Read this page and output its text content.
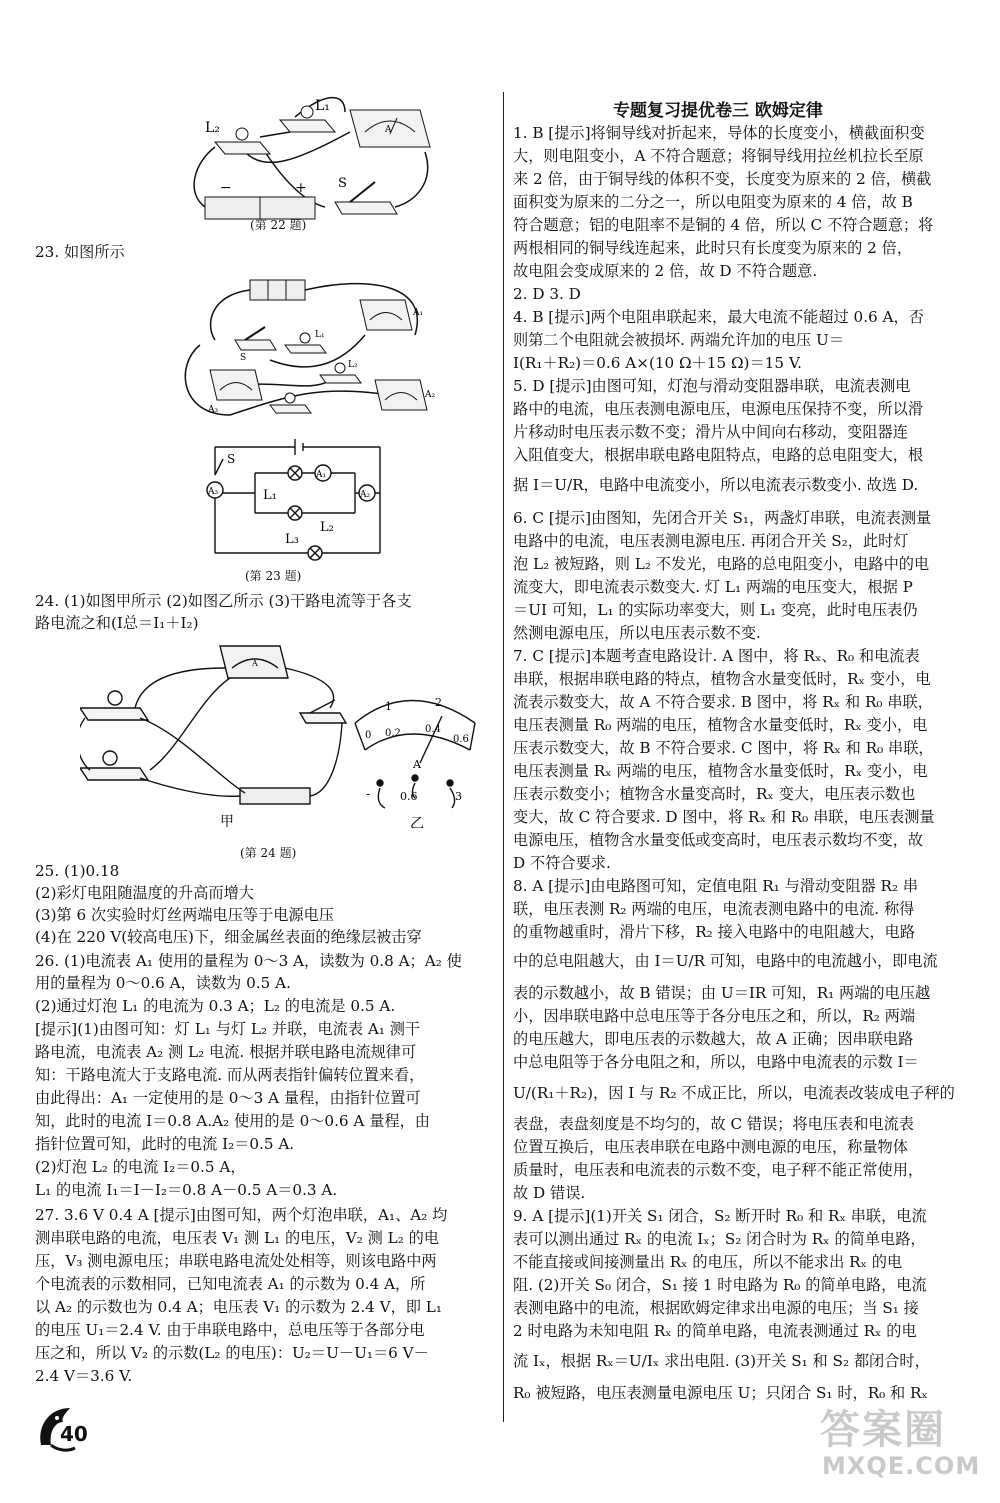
L₁
L₂
S
−	+
A
(第 22 题)
23. 如图所示
A₁
A₂
A₃
L₁
L₂
S
A₁
A₃	A₂
S
L₁
L₂
L₃
(第 23 题)
24. (1)如图甲所示 (2)如图乙所示 (3)干路电流等于各支
路电流之和(I总＝I₁＋I₂)
甲	乙
1	2
0 0.2 0.4
0.6
A
-	0.6	3
A
(第 24 题)
25. (1)0.18
(2)彩灯电阻随温度的升高而增大
(3)第 6 次实验时灯丝两端电压等于电源电压
(4)在 220 V(较高电压)下，细金属丝表面的绝缘层被击穿
26. (1)电流表 A₁ 使用的量程为 0～3 A，读数为 0.8 A；A₂ 使
用的量程为 0～0.6 A，读数为 0.5 A.
(2)通过灯泡 L₁ 的电流为 0.3 A；L₂ 的电流是 0.5 A.
[提示](1)由图可知：灯 L₁ 与灯 L₂ 并联，电流表 A₁ 测干
路电流，电流表 A₂ 测 L₂ 电流. 根据并联电路电流规律可
知：干路电流大于支路电流. 而从两表指针偏转位置来看，
由此得出：A₁ 一定使用的是 0～3 A 量程，由指针位置可
知，此时的电流 I＝0.8 A.A₂ 使用的是 0～0.6 A 量程，由
指针位置可知，此时的电流 I₂＝0.5 A.
(2)灯泡 L₂ 的电流 I₂＝0.5 A，
L₁ 的电流 I₁＝I－I₂＝0.8 A－0.5 A＝0.3 A.
27. 3.6 V 0.4 A [提示]由图可知，两个灯泡串联，A₁、A₂ 均
测串联电路的电流，电压表 V₁ 测 L₁ 的电压，V₂ 测 L₂ 的电
压，V₃ 测电源电压；串联电路电流处处相等，则该电路中两
个电流表的示数相同，已知电流表 A₁ 的示数为 0.4 A，所
以 A₂ 的示数也为 0.4 A；电压表 V₁ 的示数为 2.4 V，即 L₁
的电压 U₁＝2.4 V. 由于串联电路中，总电压等于各部分电
压之和，所以 V₂ 的示数(L₂ 的电压)：U₂＝U－U₁＝6 V－
2.4 V＝3.6 V.
专题复习提优卷三 欧姆定律
1. B [提示]将铜导线对折起来，导体的长度变小，横截面积变
大，则电阻变小，A 不符合题意；将铜导线用拉丝机拉长至原
来 2 倍，由于铜导线的体积不变，长度变为原来的 2 倍，横截
面积变为原来的二分之一，所以电阻变为原来的 4 倍，故 B
符合题意；铝的电阻率不是铜的 4 倍，所以 C 不符合题意；将
两根相同的铜导线连起来，此时只有长度变为原来的 2 倍，
故电阻会变成原来的 2 倍，故 D 不符合题意.
2. D 3. D
4. B [提示]两个电阻串联起来，最大电流不能超过 0.6 A，否
则第二个电阻就会被损坏. 两端允许加的电压 U＝
I(R₁＋R₂)＝0.6 A×(10 Ω＋15 Ω)＝15 V.
5. D [提示]由图可知，灯泡与滑动变阻器串联，电流表测电
路中的电流，电压表测电源电压，电源电压保持不变，所以滑
片移动时电压表示数不变；滑片从中间向右移动，变阻器连
入阻值变大，根据串联电路电阻特点，电路的总电阻变大，根
据 I＝U/R，电路中电流变小，所以电流表示数变小. 故选 D.
6. C [提示]由图知，先闭合开关 S₁，两盏灯串联，电流表测量
电路中的电流，电压表测电源电压. 再闭合开关 S₂，此时灯
泡 L₂ 被短路，则 L₂ 不发光，电路的总电阻变小，电路中的电
流变大，即电流表示数变大. 灯 L₁ 两端的电压变大，根据 P
＝UI 可知，L₁ 的实际功率变大，则 L₁ 变亮，此时电压表仍
然测电源电压，所以电压表示数不变.
7. C [提示]本题考查电路设计. A 图中，将 Rₓ、R₀ 和电流表
串联，根据串联电路的特点，植物含水量变低时，Rₓ 变小，电
流表示数变大，故 A 不符合要求. B 图中，将 Rₓ 和 R₀ 串联，
电压表测量 R₀ 两端的电压，植物含水量变低时，Rₓ 变小，电
压表示数变大，故 B 不符合要求. C 图中，将 Rₓ 和 R₀ 串联，
电压表测量 Rₓ 两端的电压，植物含水量变低时，Rₓ 变小，电
压表示数变小；植物含水量变高时，Rₓ 变大，电压表示数也
变大，故 C 符合要求. D 图中，将 Rₓ 和 R₀ 串联，电压表测量
电源电压，植物含水量变低或变高时，电压表示数均不变，故
D 不符合要求.
8. A [提示]由电路图可知，定值电阻 R₁ 与滑动变阻器 R₂ 串
联，电压表测 R₂ 两端的电压，电流表测电路中的电流. 称得
的重物越重时，滑片下移，R₂ 接入电路中的电阻越大，电路
中的总电阻越大，由 I＝U/R 可知，电路中的电流越小，即电流
表的示数越小，故 B 错误；由 U＝IR 可知，R₁ 两端的电压越
小，因串联电路中总电压等于各分电压之和，所以，R₂ 两端
的电压越大，即电压表的示数越大，故 A 正确；因串联电路
中总电阻等于各分电阻之和，所以，电路中电流表的示数 I＝
U/(R₁＋R₂)，因 I 与 R₂ 不成正比，所以，电流表改装成电子秤的
表盘，表盘刻度是不均匀的，故 C 错误；将电压表和电流表
位置互换后，电压表串联在电路中测电源的电压，称量物体
质量时，电压表和电流表的示数不变，电子秤不能正常使用，
故 D 错误.
9. A [提示](1)开关 S₁ 闭合，S₂ 断开时 R₀ 和 Rₓ 串联，电流
表可以测出通过 Rₓ 的电流 Iₓ；S₂ 闭合时为 Rₓ 的简单电路，
不能直接或间接测量出 Rₓ 的电压，所以不能求出 Rₓ 的电
阻. (2)开关 S₀ 闭合，S₁ 接 1 时电路为 R₀ 的简单电路，电流
表测电路中的电流，根据欧姆定律求出电源的电压；当 S₁ 接
2 时电路为未知电阻 Rₓ 的简单电路，电流表测通过 Rₓ 的电
流 Iₓ，根据 Rₓ＝U/Iₓ 求出电阻. (3)开关 S₁ 和 S₂ 都闭合时，
R₀ 被短路，电压表测量电源电压 U；只闭合 S₁ 时，R₀ 和 Rₓ
40	答案圈
MXQE.COM
